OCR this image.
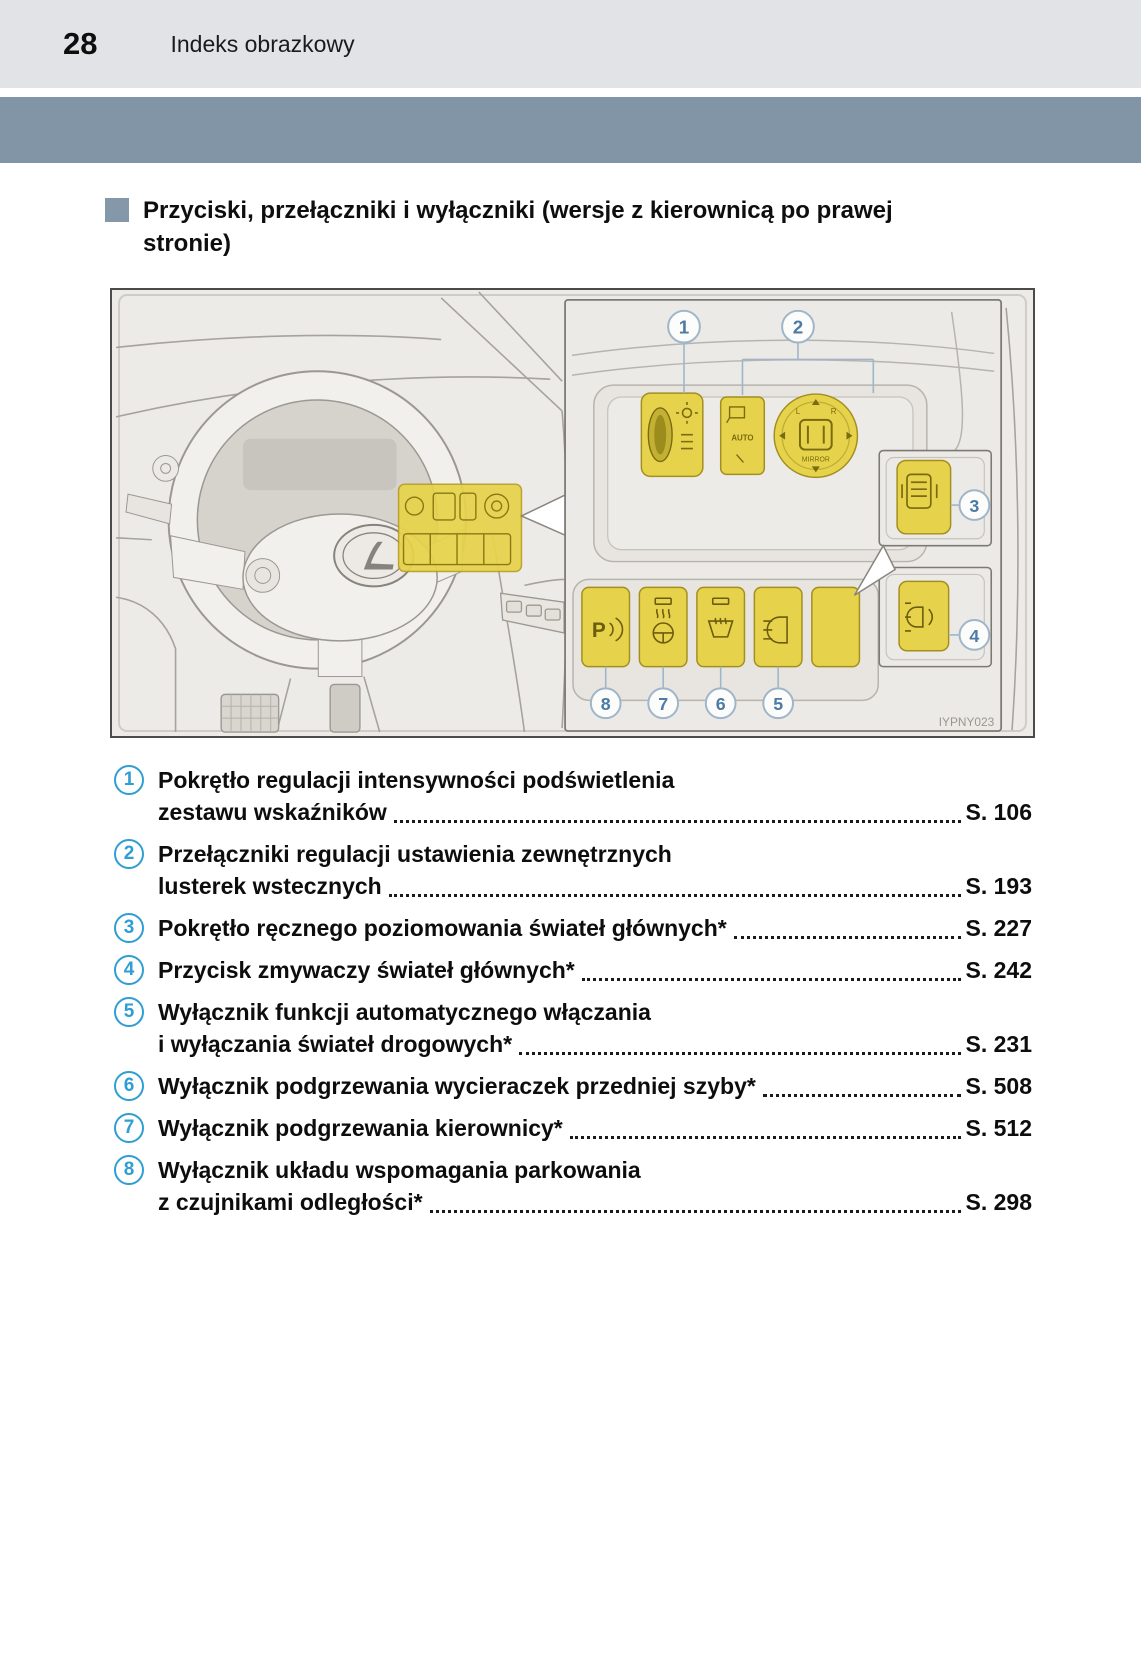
28	Indeks obrazkowy
Przyciski, przełączniki i wyłączniki (wersje z kierownicą po prawej
stronie)
AUTO
L	R
MIRROR
P
1	2
3
4
5
6
7
8
IYPNY023
1	Pokrętło regulacji intensywności podświetlenia
zestawu wskaźników	S. 106
2	Przełączniki regulacji ustawienia zewnętrznych
lusterek wstecznych	S. 193
3	Pokrętło ręcznego poziomowania świateł głównych*	S. 227
4	Przycisk zmywaczy świateł głównych*	S. 242
5	Wyłącznik funkcji automatycznego włączania
i wyłączania świateł drogowych*	S. 231
6	Wyłącznik podgrzewania wycieraczek przedniej szyby*	S. 508
7	Wyłącznik podgrzewania kierownicy*	S. 512
8	Wyłącznik układu wspomagania parkowania
z czujnikami odległości*	S. 298
